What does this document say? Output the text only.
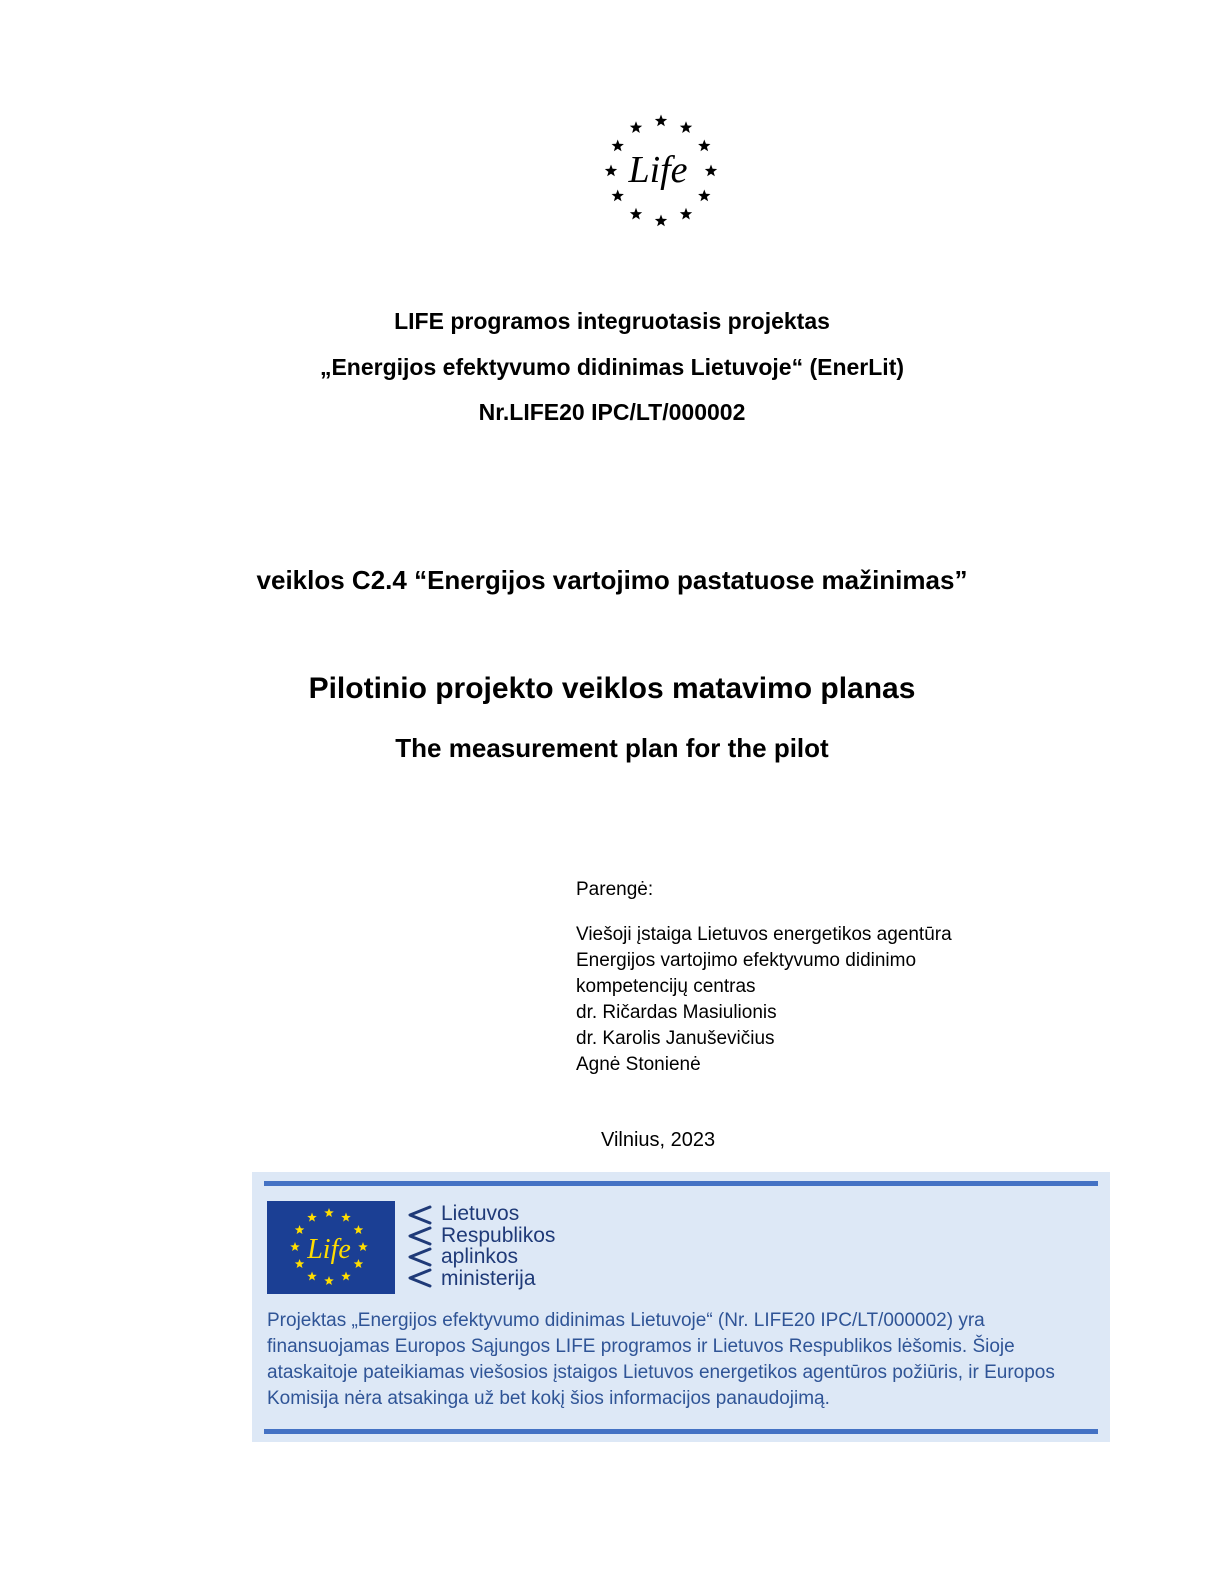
Life
LIFE programos integruotasis projektas
„Energijos efektyvumo didinimas Lietuvoje“ (EnerLit)
Nr.LIFE20 IPC/LT/000002
veiklos C2.4 “Energijos vartojimo pastatuose mažinimas”
Pilotinio projekto veiklos matavimo planas
The measurement plan for the pilot
Parengė:
Viešoji įstaiga Lietuvos energetikos agentūra
Energijos vartojimo efektyvumo didinimo
kompetencijų centras
dr. Ričardas Masiulionis
dr. Karolis Januševičius
Agnė Stonienė
Vilnius, 2023
Life
Lietuvos
Respublikos
aplinkos
ministerija
Projektas „Energijos efektyvumo didinimas Lietuvoje“ (Nr. LIFE20 IPC/LT/000002) yra finansuojamas Europos Sąjungos LIFE programos ir Lietuvos Respublikos lėšomis. Šioje ataskaitoje pateikiamas viešosios įstaigos Lietuvos energetikos agentūros požiūris, ir Europos Komisija nėra atsakinga už bet kokį šios informacijos panaudojimą.
